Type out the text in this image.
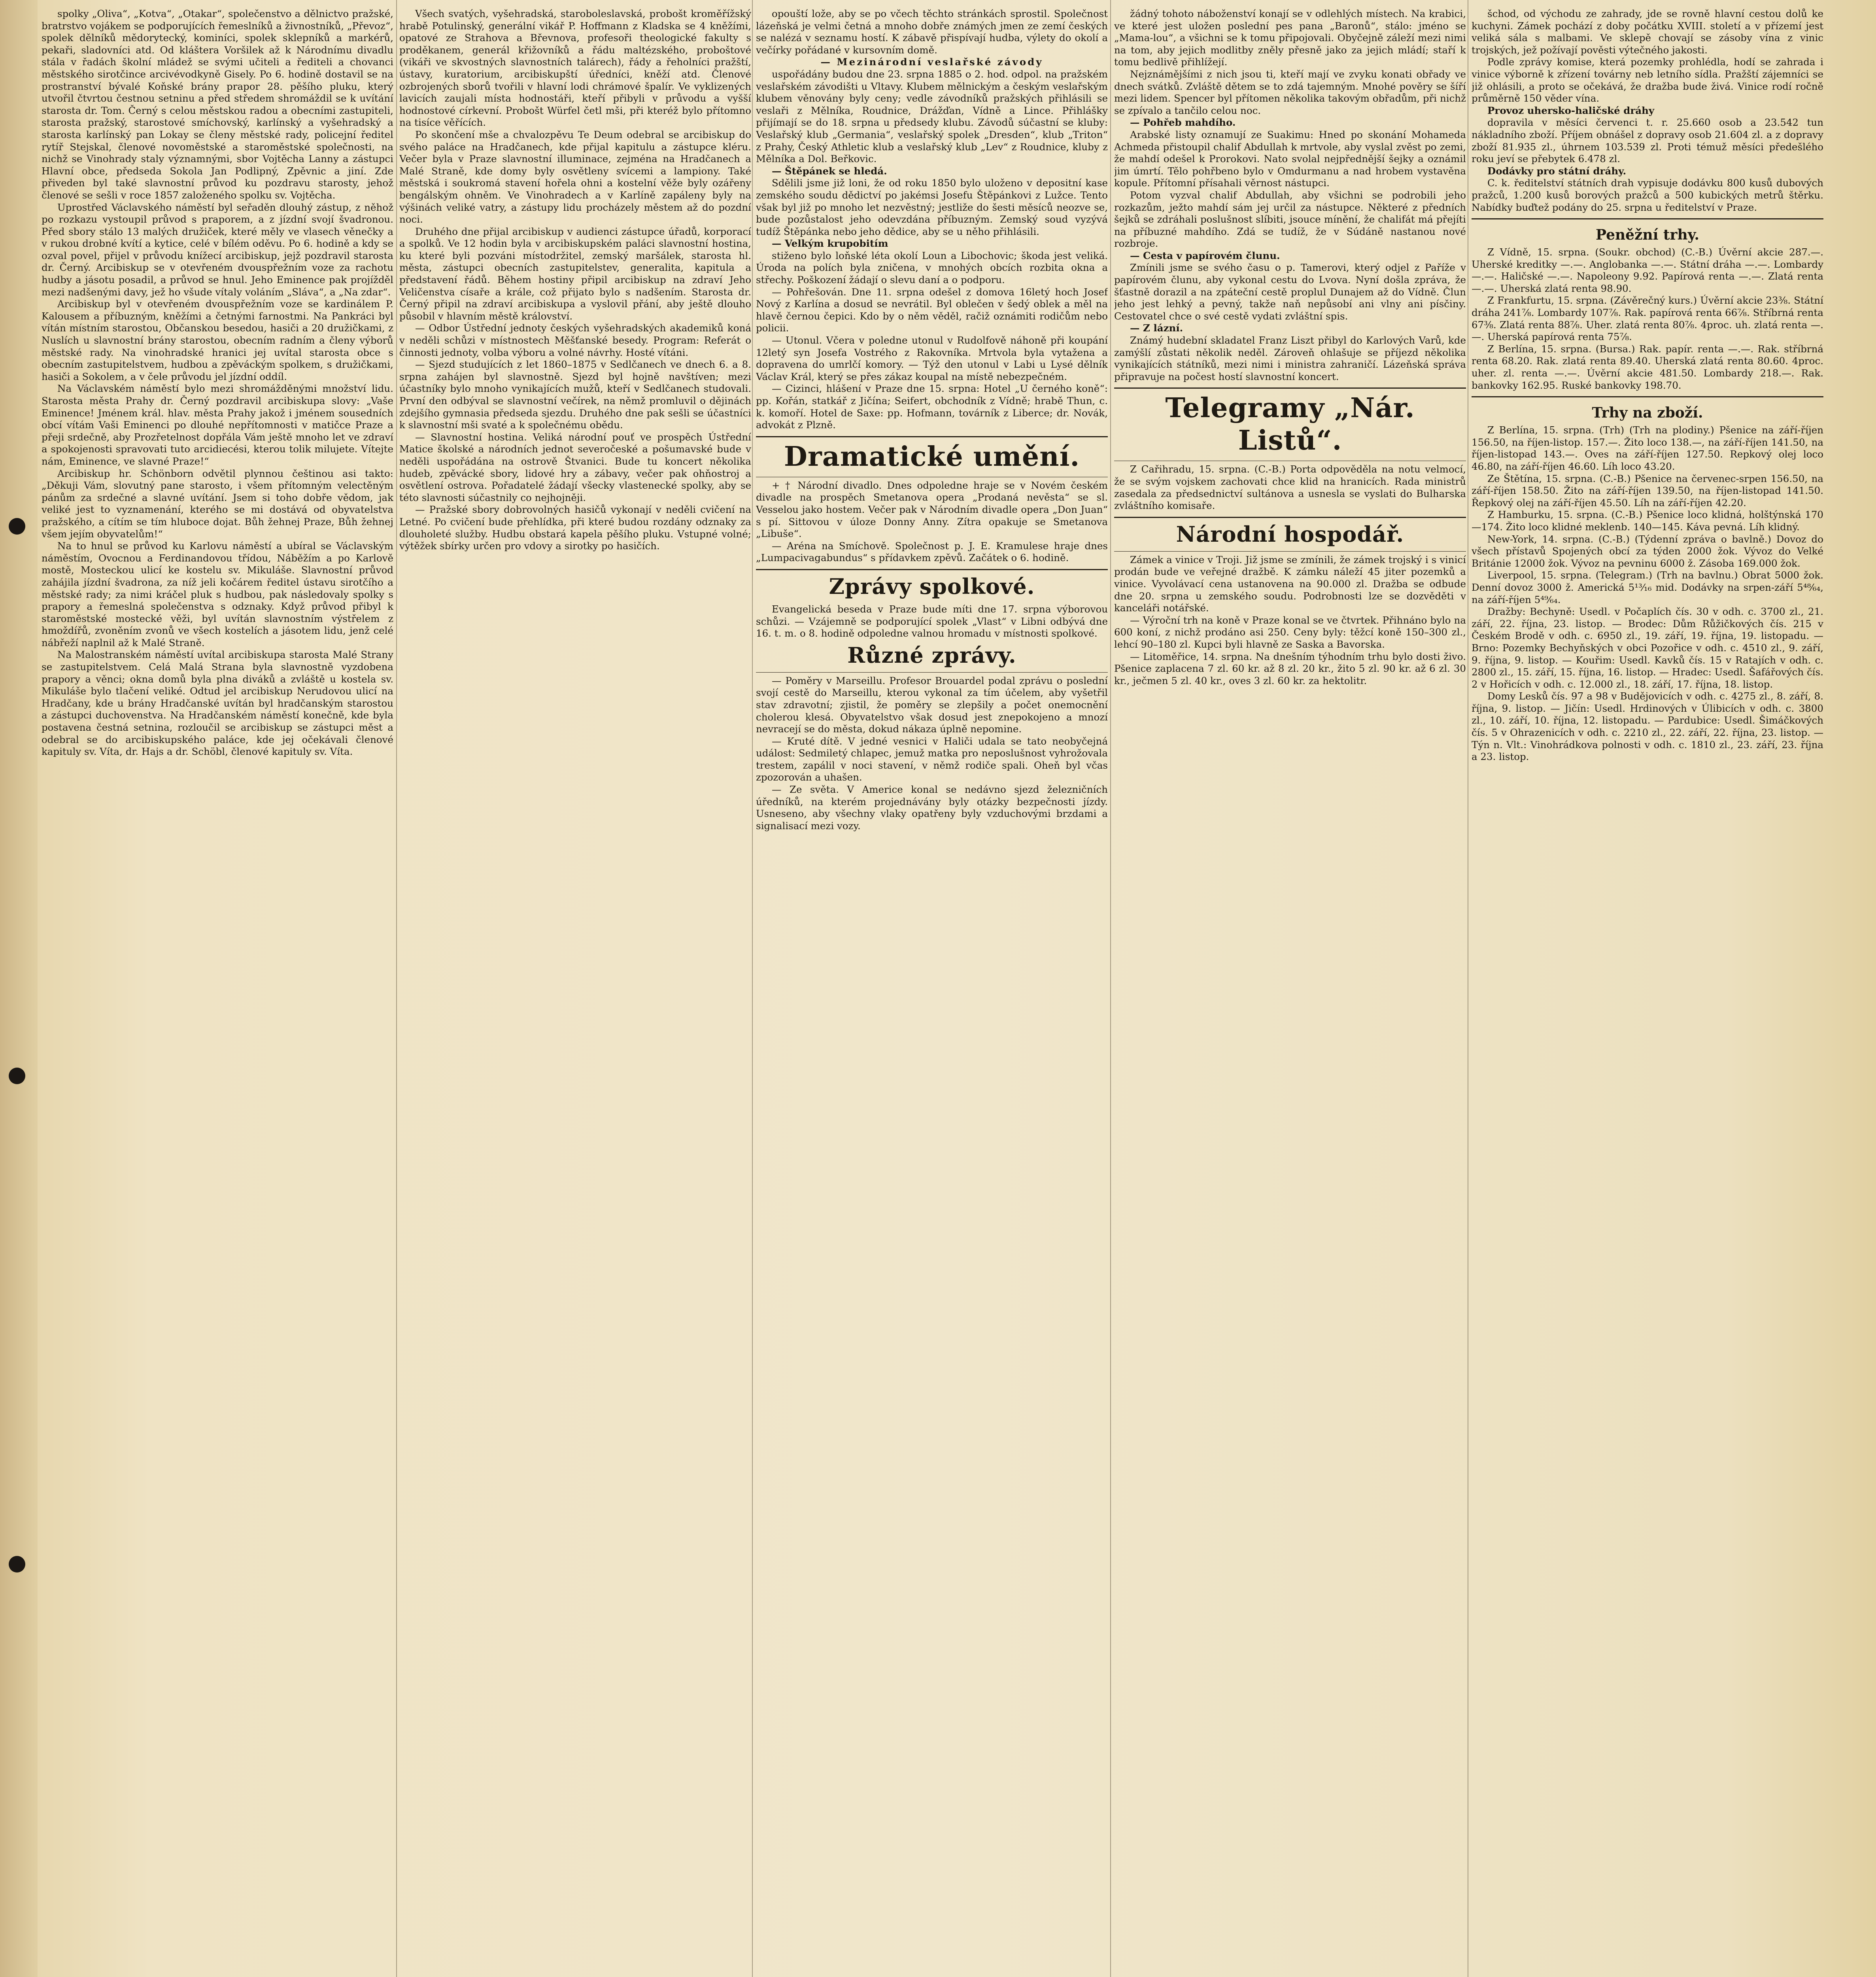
spolky „Oliva“, „Kotva“, „Otakar“, společenstvo a dělnictvo pražské, bratrstvo vojákem se podporujících řemeslníků a živnostníků, „Převoz“, spolek dělníků mědorytecký, kominíci, spolek sklepníků a markérů, pekaři, sladovníci atd. Od kláštera Voršilek až k Národnímu divadlu stála v řadách školní mládež se svými učiteli a řediteli a chovanci městského sirotčince arcivévodkyně Gisely. Po 6. hodině dostavil se na prostranství bývalé Koňské brány prapor 28. pěšího pluku, který utvořil čtvrtou čestnou setninu a před středem shromáždil se k uvítání starosta dr. Tom. Černý s celou městskou radou a obecními zastupiteli, starosta pražský, starostové smíchovský, karlínský a vyšehradský a starosta karlínský pan Lokay se členy městské rady, policejní ředitel rytíř Stejskal, členové novoměstské a staroměstské společnosti, na nichž se Vinohrady staly významnými, sbor Vojtěcha Lanny a zástupci Hlavní obce, předseda Sokola Jan Podlipný, Zpěvnic a jiní. Zde přiveden byl také slavnostní průvod ku pozdravu starosty, jehož členové se sešli v roce 1857 založeného spolku sv. Vojtěcha.

Uprostřed Václavského náměstí byl seřaděn dlouhý zástup, z něhož po rozkazu vystoupil průvod s praporem, a z jízdní svojí švadronou. Před sbory stálo 13 malých družiček, které měly ve vlasech věnečky a v rukou drobné kvítí a kytice, celé v bílém oděvu. Po 6. hodině a kdy se ozval povel, přijel v průvodu knížecí arcibiskup, jejž pozdravil starosta dr. Černý. Arcibiskup se v otevřeném dvouspřežním voze za rachotu hudby a jásotu posadil, a průvod se hnul. Jeho Eminence pak projížděl mezi nadšenými davy, jež ho všude vítaly voláním „Sláva“, a „Na zdar“.

Arcibiskup byl v otevřeném dvouspřežním voze se kardinálem P. Kalousem a příbuzným, kněžími a četnými farnostmi. Na Pankráci byl vítán místním starostou, Občanskou besedou, hasiči a 20 družičkami, z Nuslích u slavnostní brány starostou, obecním radním a členy výborů městské rady. Na vinohradské hranici jej uvítal starosta obce s obecním zastupitelstvem, hudbou a zpěváckým spolkem, s družičkami, hasiči a Sokolem, a v čele průvodu jel jízdní oddíl.

Na Václavském náměstí bylo mezi shromážděnými množství lidu. Starosta města Prahy dr. Černý pozdravil arcibiskupa slovy: „Vaše Eminence! Jménem král. hlav. města Prahy jakož i jménem sousedních obcí vítám Vaši Eminenci po dlouhé nepřítomnosti v matičce Praze a přeji srdečně, aby Prozřetelnost dopřála Vám ještě mnoho let ve zdraví a spokojenosti spravovati tuto arcidiecési, kterou tolik milujete. Vítejte nám, Eminence, ve slavné Praze!“

Arcibiskup hr. Schönborn odvětil plynnou češtinou asi takto: „Děkuji Vám, slovutný pane starosto, i všem přítomným velectěným pánům za srdečné a slavné uvítání. Jsem si toho dobře vědom, jak veliké jest to vyznamenání, kterého se mi dostává od obyvatelstva pražského, a cítím se tím hluboce dojat. Bůh žehnej Praze, Bůh žehnej všem jejím obyvatelům!“

Na to hnul se průvod ku Karlovu náměstí a ubíral se Václavským náměstím, Ovocnou a Ferdinandovou třídou, Náběžím a po Karlově mostě, Mosteckou ulicí ke kostelu sv. Mikuláše. Slavnostní průvod zahájila jízdní švadrona, za níž jeli kočárem ředitel ústavu sirotčího a městské rady; za nimi kráčel pluk s hudbou, pak následovaly spolky s prapory a řemeslná společenstva s odznaky. Když průvod přibyl k staroměstské mostecké věži, byl uvítán slavnostním výstřelem z hmoždířů, zvoněním zvonů ve všech kostelích a jásotem lidu, jenž celé nábřeží naplnil až k Malé Straně.

Na Malostranském náměstí uvítal arcibiskupa starosta Malé Strany se zastupitelstvem. Celá Malá Strana byla slavnostně vyzdobena prapory a věnci; okna domů byla plna diváků a zvláště u kostela sv. Mikuláše bylo tlačení veliké. Odtud jel arcibiskup Nerudovou ulicí na Hradčany, kde u brány Hradčanské uvítán byl hradčanským starostou a zástupci duchovenstva. Na Hradčanském náměstí konečně, kde byla postavena čestná setnina, rozloučil se arcibiskup se zástupci měst a odebral se do arcibiskupského paláce, kde jej očekávali členové kapituly sv. Víta, dr. Hajs a dr. Schöbl, členové kapituly sv. Víta.

Všech svatých, vyšehradská, staroboleslavská, probošt kroměřížský hrabě Potulinský, generální vikář P. Hoffmann z Kladska se 4 kněžími, opatové ze Strahova a Břevnova, profesoři theologické fakulty s proděkanem, generál křižovníků a řádu maltézského, proboštové (vikáři ve skvostných slavnostních talárech), řády a řeholníci pražští, ústavy, kuratorium, arcibiskupští úředníci, kněží atd. Členové ozbrojených sborů tvořili v hlavní lodi chrámové špalír. Ve vyklizených lavicích zaujali místa hodnostáři, kteří přibyli v průvodu a vyšší hodnostové církevní. Probošt Würfel četl mši, při kteréž bylo přítomno na tisíce věřících.

Po skončení mše a chvalozpěvu Te Deum odebral se arcibiskup do svého paláce na Hradčanech, kde přijal kapitulu a zástupce kléru. Večer byla v Praze slavnostní illuminace, zejména na Hradčanech a Malé Straně, kde domy byly osvětleny svícemi a lampiony. Také městská i soukromá stavení hořela ohni a kostelní věže byly ozářeny bengálským ohněm. Ve Vinohradech a v Karlíně zapáleny byly na výšinách veliké vatry, a zástupy lidu procházely městem až do pozdní noci.

Druhého dne přijal arcibiskup v audienci zástupce úřadů, korporací a spolků. Ve 12 hodin byla v arcibiskupském paláci slavnostní hostina, ku které byli pozváni místodržitel, zemský maršálek, starosta hl. města, zástupci obecních zastupitelstev, generalita, kapitula a představení řádů. Během hostiny připil arcibiskup na zdraví Jeho Veličenstva císaře a krále, což přijato bylo s nadšením. Starosta dr. Černý připil na zdraví arcibiskupa a vyslovil přání, aby ještě dlouho působil v hlavním městě království.

— Odbor Ústřední jednoty českých vyšehradských akademiků koná v neděli schůzi v místnostech Měšťanské besedy. Program: Referát o činnosti jednoty, volba výboru a volné návrhy. Hosté vítáni.

— Sjezd studujících z let 1860–1875 v Sedlčanech ve dnech 6. a 8. srpna zahájen byl slavnostně. Sjezd byl hojně navštíven; mezi účastníky bylo mnoho vynikajících mužů, kteří v Sedlčanech studovali. První den odbýval se slavnostní večírek, na němž promluvil o dějinách zdejšího gymnasia předseda sjezdu. Druhého dne pak sešli se účastníci k slavnostní mši svaté a k společnému obědu.

— Slavnostní hostina. Veliká národní pouť ve prospěch Ústřední Matice školské a národních jednot severočeské a pošumavské bude v neděli uspořádána na ostrově Štvanici. Bude tu koncert několika hudeb, zpěvácké sbory, lidové hry a zábavy, večer pak ohňostroj a osvětlení ostrova. Pořadatelé žádají všecky vlastenecké spolky, aby se této slavnosti súčastnily co nejhojněji.

— Pražské sbory dobrovolných hasičů vykonají v neděli cvičení na Letné. Po cvičení bude přehlídka, při které budou rozdány odznaky za dlouholeté služby. Hudbu obstará kapela pěšího pluku. Vstupné volné; výtěžek sbírky určen pro vdovy a sirotky po hasičích.

opouští lože, aby se po včech těchto stránkách sprostil. Společnost lázeňská je velmi četná a mnoho dobře známých jmen ze zemí českých se nalézá v seznamu hostí. K zábavě přispívají hudba, výlety do okolí a večírky pořádané v kursovním domě.

— Mezinárodní veslařské závody

uspořádány budou dne 23. srpna 1885 o 2. hod. odpol. na pražském veslařském závodišti u Vltavy. Klubem mělnickým a českým veslařským klubem věnovány byly ceny; vedle závodníků pražských přihlásili se veslaři z Mělníka, Roudnice, Drážďan, Vídně a Lince. Přihlášky přijímají se do 18. srpna u předsedy klubu. Závodů súčastní se kluby: Veslařský klub „Germania“, veslařský spolek „Dresden“, klub „Triton“ z Prahy, Český Athletic klub a veslařský klub „Lev“ z Roudnice, kluby z Mělníka a Dol. Beřkovic.

— Štěpánek se hledá.

Sdělili jsme již loni, že od roku 1850 bylo uloženo v depositní kase zemského soudu dědictví po jakémsi Josefu Štěpánkovi z Lužce. Tento však byl již po mnoho let nezvěstný; jestliže do šesti měsíců neozve se, bude pozůstalost jeho odevzdána příbuzným. Zemský soud vyzývá tudíž Štěpánka nebo jeho dědice, aby se u něho přihlásili.

— Velkým krupobitím

stiženo bylo loňské léta okolí Loun a Libochovic; škoda jest veliká. Úroda na polích byla zničena, v mnohých obcích rozbita okna a střechy. Poškození žádají o slevu daní a o podporu.

— Pohřešován. Dne 11. srpna odešel z domova 16letý hoch Josef Nový z Karlína a dosud se nevrátil. Byl oblečen v šedý oblek a měl na hlavě černou čepici. Kdo by o něm věděl, račiž oznámiti rodičům nebo policii.

— Utonul. Včera v poledne utonul v Rudolfově náhoně při koupání 12letý syn Josefa Vostrého z Rakovníka. Mrtvola byla vytažena a dopravena do umrlčí komory. — Týž den utonul v Labi u Lysé dělník Václav Král, který se přes zákaz koupal na místě nebezpečném.

— Cizinci, hlášení v Praze dne 15. srpna: Hotel „U černého koně“: pp. Kořán, statkář z Jičína; Seifert, obchodník z Vídně; hrabě Thun, c. k. komoří. Hotel de Saxe: pp. Hofmann, továrník z Liberce; dr. Novák, advokát z Plzně.

Dramatické umění.

+ † Národní divadlo. Dnes odpoledne hraje se v Novém českém divadle na prospěch Smetanova opera „Prodaná nevěsta“ se sl. Vesselou jako hostem. Večer pak v Národním divadle opera „Don Juan“ s pí. Sittovou v úloze Donny Anny. Zítra opakuje se Smetanova „Libuše“.

— Aréna na Smíchově. Společnost p. J. E. Kramulese hraje dnes „Lumpacivagabundus“ s přídavkem zpěvů. Začátek o 6. hodině.

Zprávy spolkové.

Evangelická beseda v Praze bude míti dne 17. srpna výborovou schůzi. — Vzájemně se podporující spolek „Vlast“ v Libni odbývá dne 16. t. m. o 8. hodině odpoledne valnou hromadu v místnosti spolkové.

Různé zprávy.

— Poměry v Marseillu. Profesor Brouardel podal zprávu o poslední svojí cestě do Marseillu, kterou vykonal za tím účelem, aby vyšetřil stav zdravotní; zjistil, že poměry se zlepšily a počet onemocnění cholerou klesá. Obyvatelstvo však dosud jest znepokojeno a mnozí nevracejí se do města, dokud nákaza úplně nepomine.

— Kruté dítě. V jedné vesnici v Haliči udala se tato neobyčejná událost: Sedmiletý chlapec, jemuž matka pro neposlušnost vyhrožovala trestem, zapálil v noci stavení, v němž rodiče spali. Oheň byl včas zpozorován a uhašen.

— Ze světa. V Americe konal se nedávno sjezd železničních úředníků, na kterém projednávány byly otázky bezpečnosti jízdy. Usneseno, aby všechny vlaky opatřeny byly vzduchovými brzdami a signalisací mezi vozy.

žádný tohoto náboženství konají se v odlehlých místech. Na krabici, ve které jest uložen poslední pes pana „Baronů“, stálo: jméno se „Mama-lou“, a všichni se k tomu připojovali. Obyčejně záleží mezi nimi na tom, aby jejich modlitby zněly přesně jako za jejich mládí; staří k tomu bedlivě přihlížejí.

Nejznámějšími z nich jsou ti, kteří mají ve zvyku konati obřady ve dnech svátků. Zvláště dětem se to zdá tajemným. Mnohé pověry se šíří mezi lidem. Spencer byl přítomen několika takovým obřadům, při nichž se zpívalo a tančilo celou noc.

— Pohřeb mahdího.

Arabské listy oznamují ze Suakimu: Hned po skonání Mohameda Achmeda přistoupil chalif Abdullah k mrtvole, aby vyslal zvěst po zemi, že mahdí odešel k Prorokovi. Nato svolal nejpřednější šejky a oznámil jim úmrtí. Tělo pohřbeno bylo v Omdurmanu a nad hrobem vystavěna kopule. Přítomní přísahali věrnost nástupci.

Potom vyzval chalif Abdullah, aby všichni se podrobili jeho rozkazům, ježto mahdí sám jej určil za nástupce. Některé z předních šejků se zdráhali poslušnost slíbiti, jsouce mínění, že chalifát má přejíti na příbuzné mahdího. Zdá se tudíž, že v Súdáně nastanou nové rozbroje.

— Cesta v papírovém člunu.

Zmínili jsme se svého času o p. Tamerovi, který odjel z Paříže v papírovém člunu, aby vykonal cestu do Lvova. Nyní došla zpráva, že šťastně dorazil a na zpáteční cestě proplul Dunajem až do Vídně. Člun jeho jest lehký a pevný, takže naň nepůsobí ani vlny ani písčiny. Cestovatel chce o své cestě vydati zvláštní spis.

— Z lázní.

Známý hudební skladatel Franz Liszt přibyl do Karlových Varů, kde zamýšlí zůstati několik neděl. Zároveň ohlašuje se příjezd několika vynikajících státníků, mezi nimi i ministra zahraničí. Lázeňská správa připravuje na počest hostí slavnostní koncert.

Telegramy „Nár. Listů“.

Z Cařihradu, 15. srpna. (C.-B.) Porta odpověděla na notu velmocí, že se svým vojskem zachovati chce klid na hranicích. Rada ministrů zasedala za předsednictví sultánova a usnesla se vyslati do Bulharska zvláštního komisaře.

Národní hospodář.

Zámek a vinice v Troji. Již jsme se zmínili, že zámek trojský i s vinicí prodán bude ve veřejné dražbě. K zámku náleží 45 jiter pozemků a vinice. Vyvolávací cena ustanovena na 90.000 zl. Dražba se odbude dne 20. srpna u zemského soudu. Podrobnosti lze se dozvěděti v kanceláři notářské.

— Výroční trh na koně v Praze konal se ve čtvrtek. Přihnáno bylo na 600 koní, z nichž prodáno asi 250. Ceny byly: těžcí koně 150–300 zl., lehcí 90–180 zl. Kupci byli hlavně ze Saska a Bavorska.

— Litoměřice, 14. srpna. Na dnešním týhodním trhu bylo dosti živo. Pšenice zaplacena 7 zl. 60 kr. až 8 zl. 20 kr., žito 5 zl. 90 kr. až 6 zl. 30 kr., ječmen 5 zl. 40 kr., oves 3 zl. 60 kr. za hektolitr.

šchod, od východu ze zahrady, jde se rovně hlavní cestou dolů ke kuchyni. Zámek pochází z doby počátku XVIII. století a v přízemí jest veliká sála s malbami. Ve sklepě chovají se zásoby vína z vinic trojských, jež požívají pověsti výtečného jakosti.

Podle zprávy komise, která pozemky prohlédla, hodí se zahrada i vinice výborně k zřízení továrny neb letního sídla. Pražští zájemníci se již ohlásili, a proto se očekává, že dražba bude živá. Vinice rodí ročně průměrně 150 věder vína.

Provoz uhersko-haličské dráhy

dopravila v měsíci červenci t. r. 25.660 osob a 23.542 tun nákladního zboží. Příjem obnášel z dopravy osob 21.604 zl. a z dopravy zboží 81.935 zl., úhrnem 103.539 zl. Proti témuž měsíci předešlého roku jeví se přebytek 6.478 zl.

Dodávky pro státní dráhy.

C. k. ředitelství státních drah vypisuje dodávku 800 kusů dubových pražců, 1.200 kusů borových pražců a 500 kubických metrů štěrku. Nabídky buďtež podány do 25. srpna u ředitelství v Praze.

Peněžní trhy.

Z Vídně, 15. srpna. (Soukr. obchod) (C.-B.) Úvěrní akcie 287.—. Uherské kreditky —.—. Anglobanka —.—. Státní dráha —.—. Lombardy —.—. Haličské —.—. Napoleony 9.92. Papírová renta —.—. Zlatá renta —.—. Uherská zlatá renta 98.90.

Z Frankfurtu, 15. srpna. (Závěrečný kurs.) Úvěrní akcie 23⅜. Státní dráha 241⅞. Lombardy 107⅞. Rak. papírová renta 66⅞. Stříbrná renta 67⅜. Zlatá renta 88⅞. Uher. zlatá renta 80⅞. 4proc. uh. zlatá renta —.—. Uherská papírová renta 75⅞.

Z Berlína, 15. srpna. (Bursa.) Rak. papír. renta —.—. Rak. stříbrná renta 68.20. Rak. zlatá renta 89.40. Uherská zlatá renta 80.60. 4proc. uher. zl. renta —.—. Úvěrní akcie 481.50. Lombardy 218.—. Rak. bankovky 162.95. Ruské bankovky 198.70.

Trhy na zboží.

Z Berlína, 15. srpna. (Trh) (Trh na plodiny.) Pšenice na září-říjen 156.50, na říjen-listop. 157.—. Žito loco 138.—, na září-říjen 141.50, na říjen-listopad 143.—. Oves na září-říjen 127.50. Repkový olej loco 46.80, na září-říjen 46.60. Líh loco 43.20.

Ze Štětína, 15. srpna. (C.-B.) Pšenice na červenec-srpen 156.50, na září-říjen 158.50. Žito na září-říjen 139.50, na říjen-listopad 141.50. Řepkový olej na září-říjen 45.50. Líh na září-říjen 42.20.

Z Hamburku, 15. srpna. (C.-B.) Pšenice loco klidná, holštýnská 170—174. Žito loco klidné meklenb. 140—145. Káva pevná. Líh klidný.

New-York, 14. srpna. (C.-B.) (Týdenní zpráva o bavlně.) Dovoz do všech přístavů Spojených obcí za týden 2000 žok. Vývoz do Velké Británie 12000 žok. Vývoz na pevninu 6000 ž. Zásoba 169.000 žok.

Liverpool, 15. srpna. (Telegram.) (Trh na bavlnu.) Obrat 5000 žok. Denní dovoz 3000 ž. Americká 5¹³⁄₁₆ mid. Dodávky na srpen-září 5⁴⁸⁄₆₄, na září-říjen 5⁴⁹⁄₆₄.

Dražby: Bechyně: Usedl. v Počaplích čís. 30 v odh. c. 3700 zl., 21. září, 22. října, 23. listop. — Brodec: Dům Růžičkových čís. 215 v Českém Brodě v odh. c. 6950 zl., 19. září, 19. října, 19. listopadu. — Brno: Pozemky Bechyňských v obci Pozořice v odh. c. 4510 zl., 9. září, 9. října, 9. listop. — Kouřim: Usedl. Kavků čís. 15 v Ratajích v odh. c. 2800 zl., 15. září, 15. října, 16. listop. — Hradec: Usedl. Šafářových čís. 2 v Hořicích v odh. c. 12.000 zl., 18. září, 17. října, 18. listop.

Domy Lesků čís. 97 a 98 v Budějovicích v odh. c. 4275 zl., 8. září, 8. října, 9. listop. — Jičín: Usedl. Hrdinových v Úlibicích v odh. c. 3800 zl., 10. září, 10. října, 12. listopadu. — Pardubice: Usedl. Šimáčkových čís. 5 v Ohrazenicích v odh. c. 2210 zl., 22. září, 22. října, 23. listop. — Týn n. Vlt.: Vinohrádkova polnosti v odh. c. 1810 zl., 23. září, 23. října a 23. listop.
